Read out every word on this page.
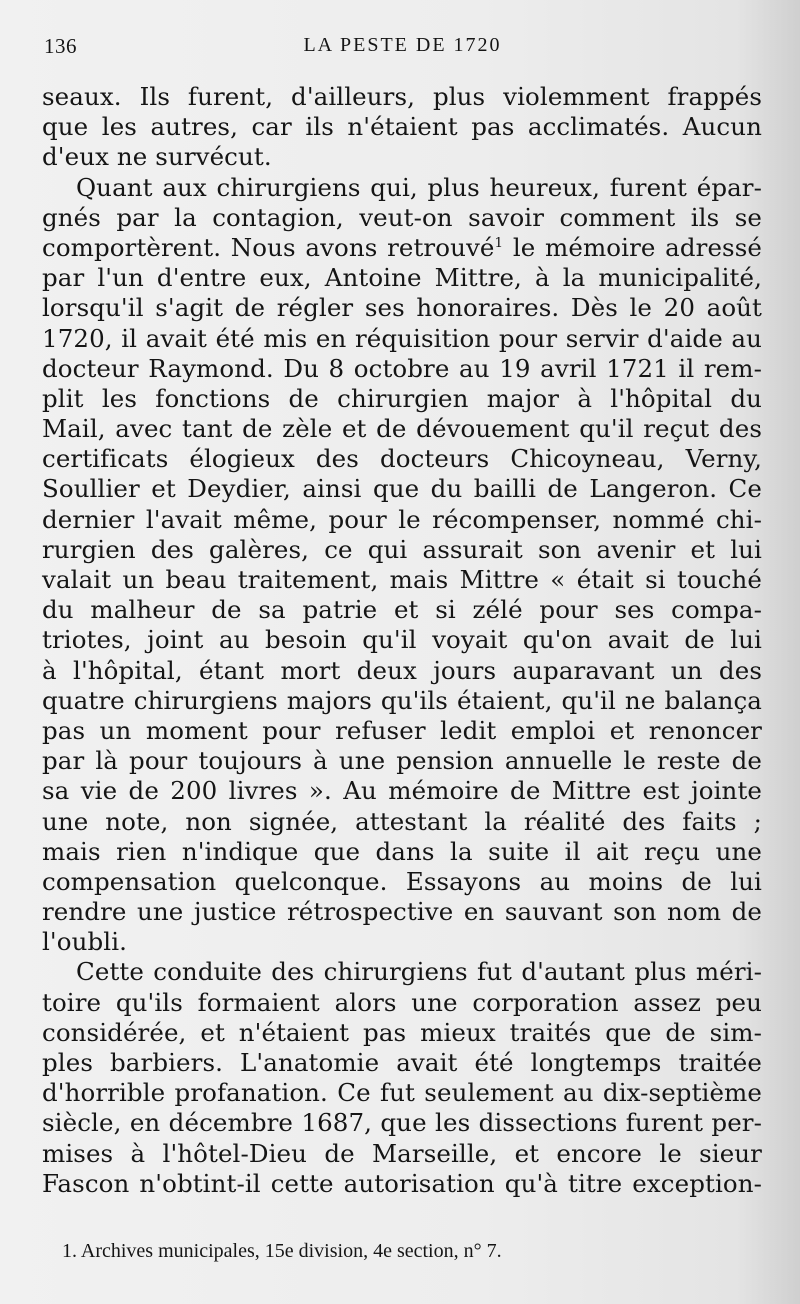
136	LA PESTE DE 1720
seaux. Ils furent, d'ailleurs, plus violemment frappés
que les autres, car ils n'étaient pas acclimatés. Aucun
d'eux ne survécut.
Quant aux chirurgiens qui, plus heureux, furent épar-
gnés par la contagion, veut-on savoir comment ils se
comportèrent. Nous avons retrouvé$^1$ le mémoire adressé
par l'un d'entre eux, Antoine Mittre, à la municipalité,
lorsqu'il s'agit de régler ses honoraires. Dès le 20 août
1720, il avait été mis en réquisition pour servir d'aide au
docteur Raymond. Du 8 octobre au 19 avril 1721 il rem-
plit les fonctions de chirurgien major à l'hôpital du
Mail, avec tant de zèle et de dévouement qu'il reçut des
certificats élogieux des docteurs Chicoyneau, Verny,
Soullier et Deydier, ainsi que du bailli de Langeron. Ce
dernier l'avait même, pour le récompenser, nommé chi-
rurgien des galères, ce qui assurait son avenir et lui
valait un beau traitement, mais Mittre « était si touché
du malheur de sa patrie et si zélé pour ses compa-
triotes, joint au besoin qu'il voyait qu'on avait de lui
à l'hôpital, étant mort deux jours auparavant un des
quatre chirurgiens majors qu'ils étaient, qu'il ne balança
pas un moment pour refuser ledit emploi et renoncer
par là pour toujours à une pension annuelle le reste de
sa vie de 200 livres ». Au mémoire de Mittre est jointe
une note, non signée, attestant la réalité des faits ;
mais rien n'indique que dans la suite il ait reçu une
compensation quelconque. Essayons au moins de lui
rendre une justice rétrospective en sauvant son nom de
l'oubli.
Cette conduite des chirurgiens fut d'autant plus méri-
toire qu'ils formaient alors une corporation assez peu
considérée, et n'étaient pas mieux traités que de sim-
ples barbiers. L'anatomie avait été longtemps traitée
d'horrible profanation. Ce fut seulement au dix-septième
siècle, en décembre 1687, que les dissections furent per-
mises à l'hôtel-Dieu de Marseille, et encore le sieur
Fascon n'obtint-il cette autorisation qu'à titre exception-
1. Archives municipales, 15e division, 4e section, n° 7.
